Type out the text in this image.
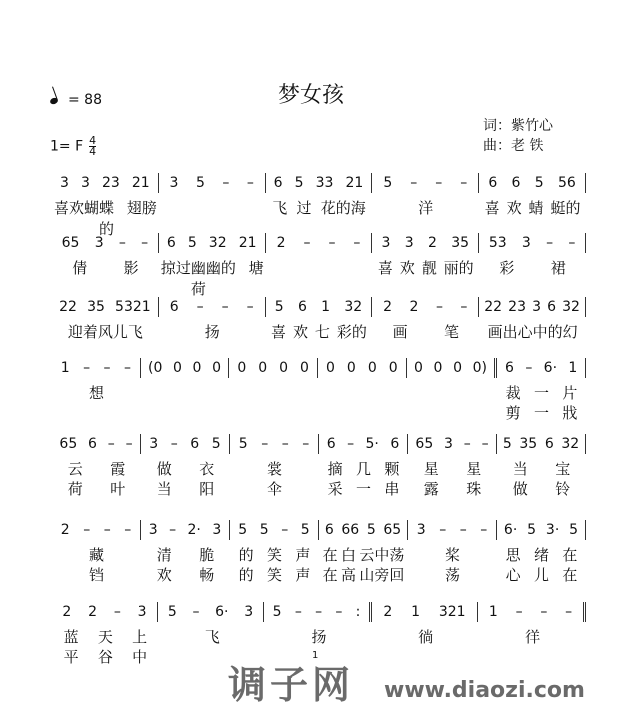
= 88	梦女孩
1= F $\frac{4}{4}$
词：紫竹心
曲：老 铁
3 3 23 21 3 5 – – 6 5 33 21 5 – – – 6 6 5 56
喜 欢 蝴 蝶的
翅 膀	飞 过 花的海	洋	喜 欢 蜻 蜓的
65 3 – – 6 5 32 21 2 – – – 3 3 2 35 53 3 – –
倩 影 掠 过 幽幽的荷
塘	喜 欢 靓 丽的 彩 裙
22 35 5321 6 – – – 5 6 1 32 2 2 – – 22 23 3 6 32
迎着风儿飞	扬	喜 欢 七 彩的 画 笔 画出心中的幻
1 – – – (0 0 0 0 0 0 0 0 0 0 0 0 0 0 0 0) 6 – 6· 1
想	裁 一 片
剪 一 戕
65 6 – – 3 – 6 5 5 – – – 6 – 5· 6 65 3 – – 5 35 6 32
云 霞 做 衣	裳	摘 几 颗 星 星 当 宝
荷 叶 当 阳	伞	采 一 串 露 珠 做 铃
2 – – – 3 – 2· 3 5 5 – 5 6 66 5 65 3 – – – 6· 5 3· 5
藏	清 脆 的 笑 声 在 白 云中荡	桨	思 绪 在
铛	欢 畅 的 笑 声 在 高 山旁回	荡	心 儿 在
2 2 – 3 5 – 6· 3 5 – – – : 2 1 321 1 – – –
蓝 天 上	飞	扬	徜	徉
平 谷 中	1
调子网 www.diaozi.com
